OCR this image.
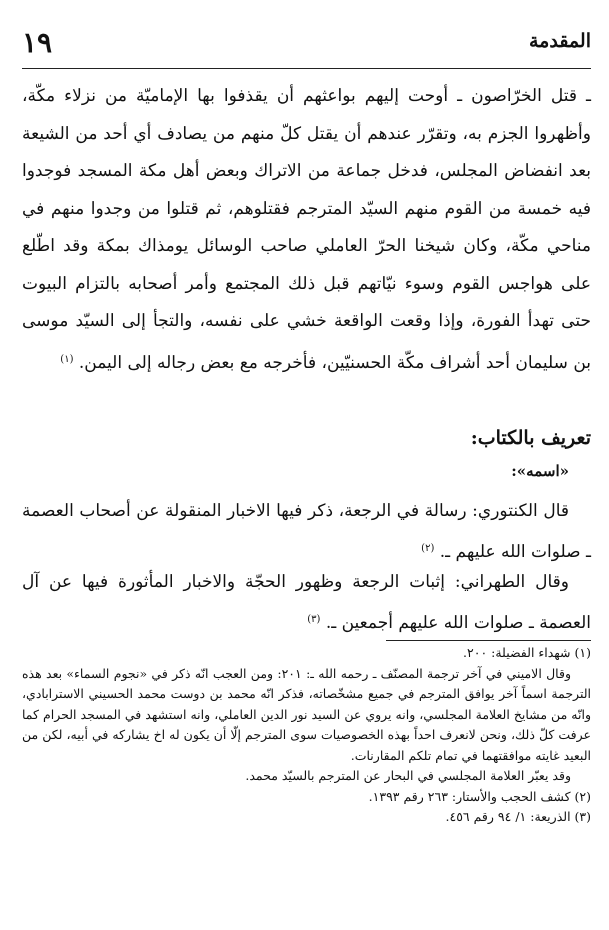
المقدمة
١٩

ـ قتل الخرّاصون ـ أوحت إليهم بواعثهم أن يقذفوا بها الإماميّة من نزلاء مكّة، وأظهروا الجزم به، وتقرّر عندهم أن يقتل كلّ منهم من يصادف أي أحد من الشيعة بعد انفضاض المجلس، فدخل جماعة من الاتراك وبعض أهل مكة المسجد فوجدوا فيه خمسة من القوم منهم السيّد المترجم فقتلوهم، ثم قتلوا من وجدوا منهم في مناحي مكّة، وكان شيخنا الحرّ العاملي صاحب الوسائل يومذاك بمكة وقد اطّلع على هواجس القوم وسوء نيّاتهم قبل ذلك المجتمع وأمر أصحابه بالتزام البيوت حتى تهدأ الفورة، وإذا وقعت الواقعة خشي على نفسه، والتجأ إلى السيّد موسى بن سليمان أحد أشراف مكّة الحسنيّين، فأخرجه مع بعض رجاله إلى اليمن. $^{(١)}$

تعريف بالكتاب:
«اسمه»:

قال الكنتوري: رسالة في الرجعة، ذكر فيها الاخبار المنقولة عن أصحاب العصمة ـ صلوات الله عليهم ـ. $^{(٢)}$

وقال الطهراني: إثبات الرجعة وظهور الحجّة والاخبار المأثورة فيها عن آل العصمة ـ صلوات الله عليهم أجمعين ـ. $^{(٣)}$

(١) شهداء الفضيلة: ٢٠٠.

وقال الاميني في آخر ترجمة المصنّف ـ رحمه الله ـ: ٢٠١: ومن العجب انّه ذكر في «نجوم السماء» بعد هذه الترجمة اسماً آخر يوافق المترجم في جميع مشخّصاته، فذكر انّه محمد بن دوست محمد الحسيني الاسترابادي، وانّه من مشايخ العلامة المجلسي، وانه يروي عن السيد نور الدين العاملي، وانه استشهد في المسجد الحرام كما عرفت كلّ ذلك، ونحن لانعرف احداً بهذه الخصوصيات سوى المترجم إلّا أن يكون له اخ يشاركه في أبيه، لكن من البعيد غايته موافقتهما في تمام تلكم المقارنات.

وقد يعبّر العلامة المجلسي في البحار عن المترجم بالسيّد محمد.

(٢) كشف الحجب والأستار: ٢٦٣ رقم ١٣٩٣.

(٣) الذريعة: ١/ ٩٤ رقم ٤٥٦.
